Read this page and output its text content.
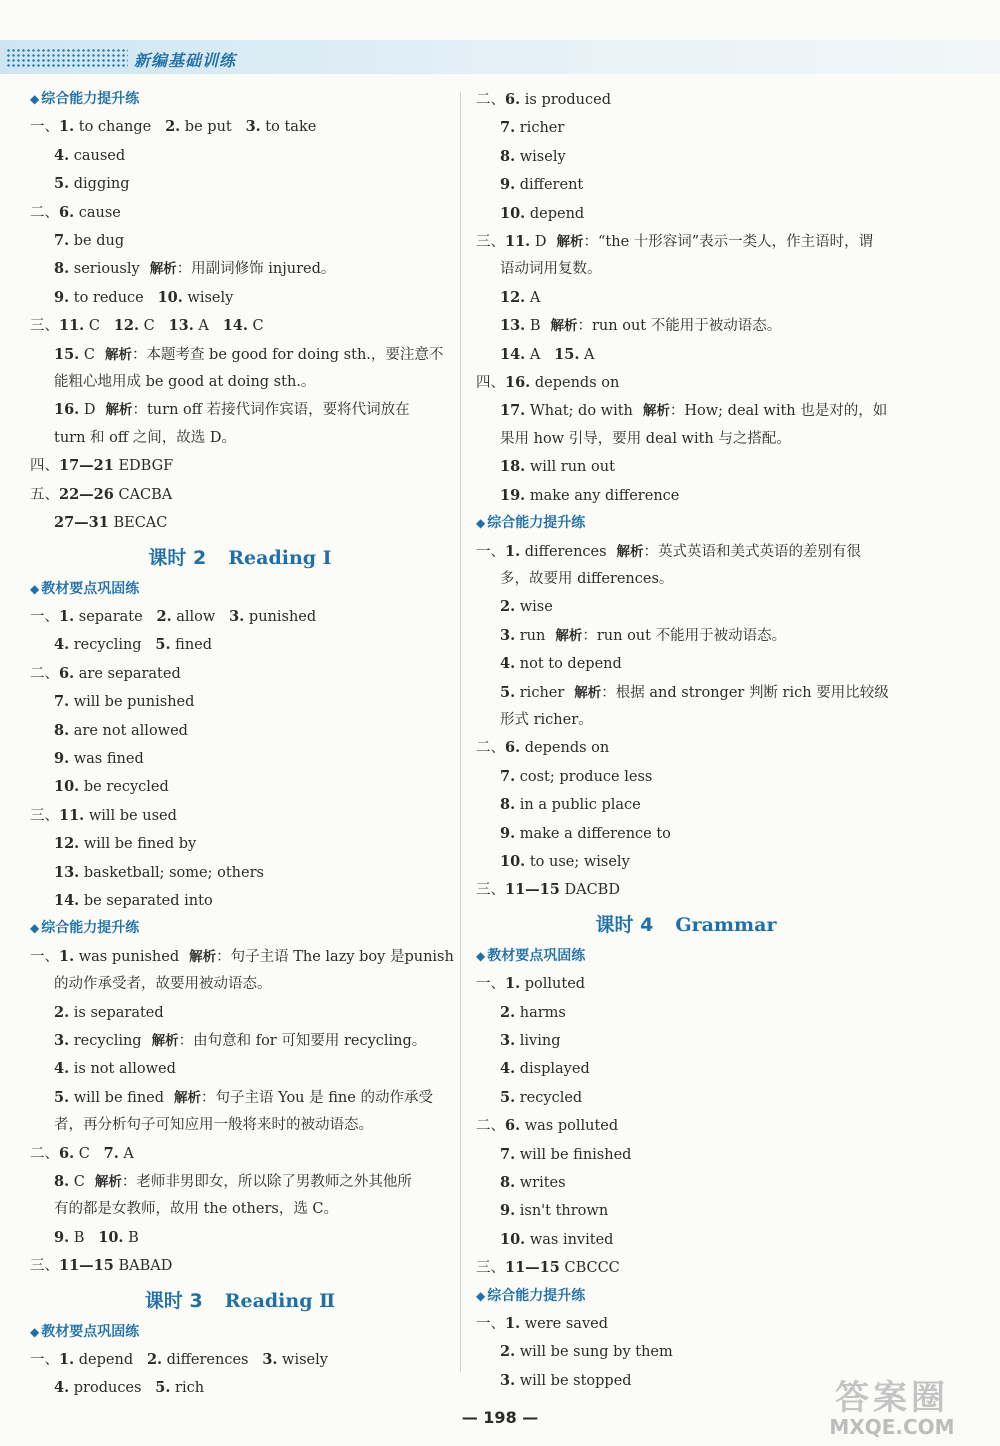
新编基础训练
◆ 综合能力提升练
一、1. to change   2. be put   3. to take
4. caused
5. digging
二、6. cause
7. be dug
8. seriously 解析：用副词修饰 injured。
9. to reduce   10. wisely
三、11. C   12. C   13. A   14. C
15. C 解析：本题考查 be good for doing sth.，要注意不
能粗心地用成 be good at doing sth.。
16. D 解析：turn off 若接代词作宾语，要将代词放在
turn 和 off 之间，故选 D。
四、17—21 EDBGF
五、22—26 CACBA
27—31 BECAC
课时 2 Reading Ⅰ
◆ 教材要点巩固练
一、1. separate   2. allow   3. punished
4. recycling   5. fined
二、6. are separated
7. will be punished
8. are not allowed
9. was fined
10. be recycled
三、11. will be used
12. will be fined by
13. basketball; some; others
14. be separated into
◆ 综合能力提升练
一、1. was punished 解析：句子主语 The lazy boy 是punish
的动作承受者，故要用被动语态。
2. is separated
3. recycling 解析：由句意和 for 可知要用 recycling。
4. is not allowed
5. will be fined 解析：句子主语 You 是 fine 的动作承受
者，再分析句子可知应用一般将来时的被动语态。
二、6. C   7. A
8. C 解析：老师非男即女，所以除了男教师之外其他所
有的都是女教师，故用 the others，选 C。
9. B   10. B
三、11—15 BABAD
课时 3 Reading Ⅱ
◆ 教材要点巩固练
一、1. depend   2. differences   3. wisely
4. produces   5. rich
二、6. is produced
7. richer
8. wisely
9. different
10. depend
三、11. D 解析：“the 十形容词”表示一类人，作主语时，谓
语动词用复数。
12. A
13. B 解析：run out 不能用于被动语态。
14. A   15. A
四、16. depends on
17. What; do with 解析：How; deal with 也是对的，如
果用 how 引导，要用 deal with 与之搭配。
18. will run out
19. make any difference
◆ 综合能力提升练
一、1. differences 解析：英式英语和美式英语的差别有很
多，故要用 differences。
2. wise
3. run 解析：run out 不能用于被动语态。
4. not to depend
5. richer 解析：根据 and stronger 判断 rich 要用比较级
形式 richer。
二、6. depends on
7. cost; produce less
8. in a public place
9. make a difference to
10. to use; wisely
三、11—15 DACBD
课时 4 Grammar
◆ 教材要点巩固练
一、1. polluted
2. harms
3. living
4. displayed
5. recycled
二、6. was polluted
7. will be finished
8. writes
9. isn't thrown
10. was invited
三、11—15 CBCCC
◆ 综合能力提升练
一、1. were saved
2. will be sung by them
3. will be stopped
— 198 —	答案圈
MXQE.COM
